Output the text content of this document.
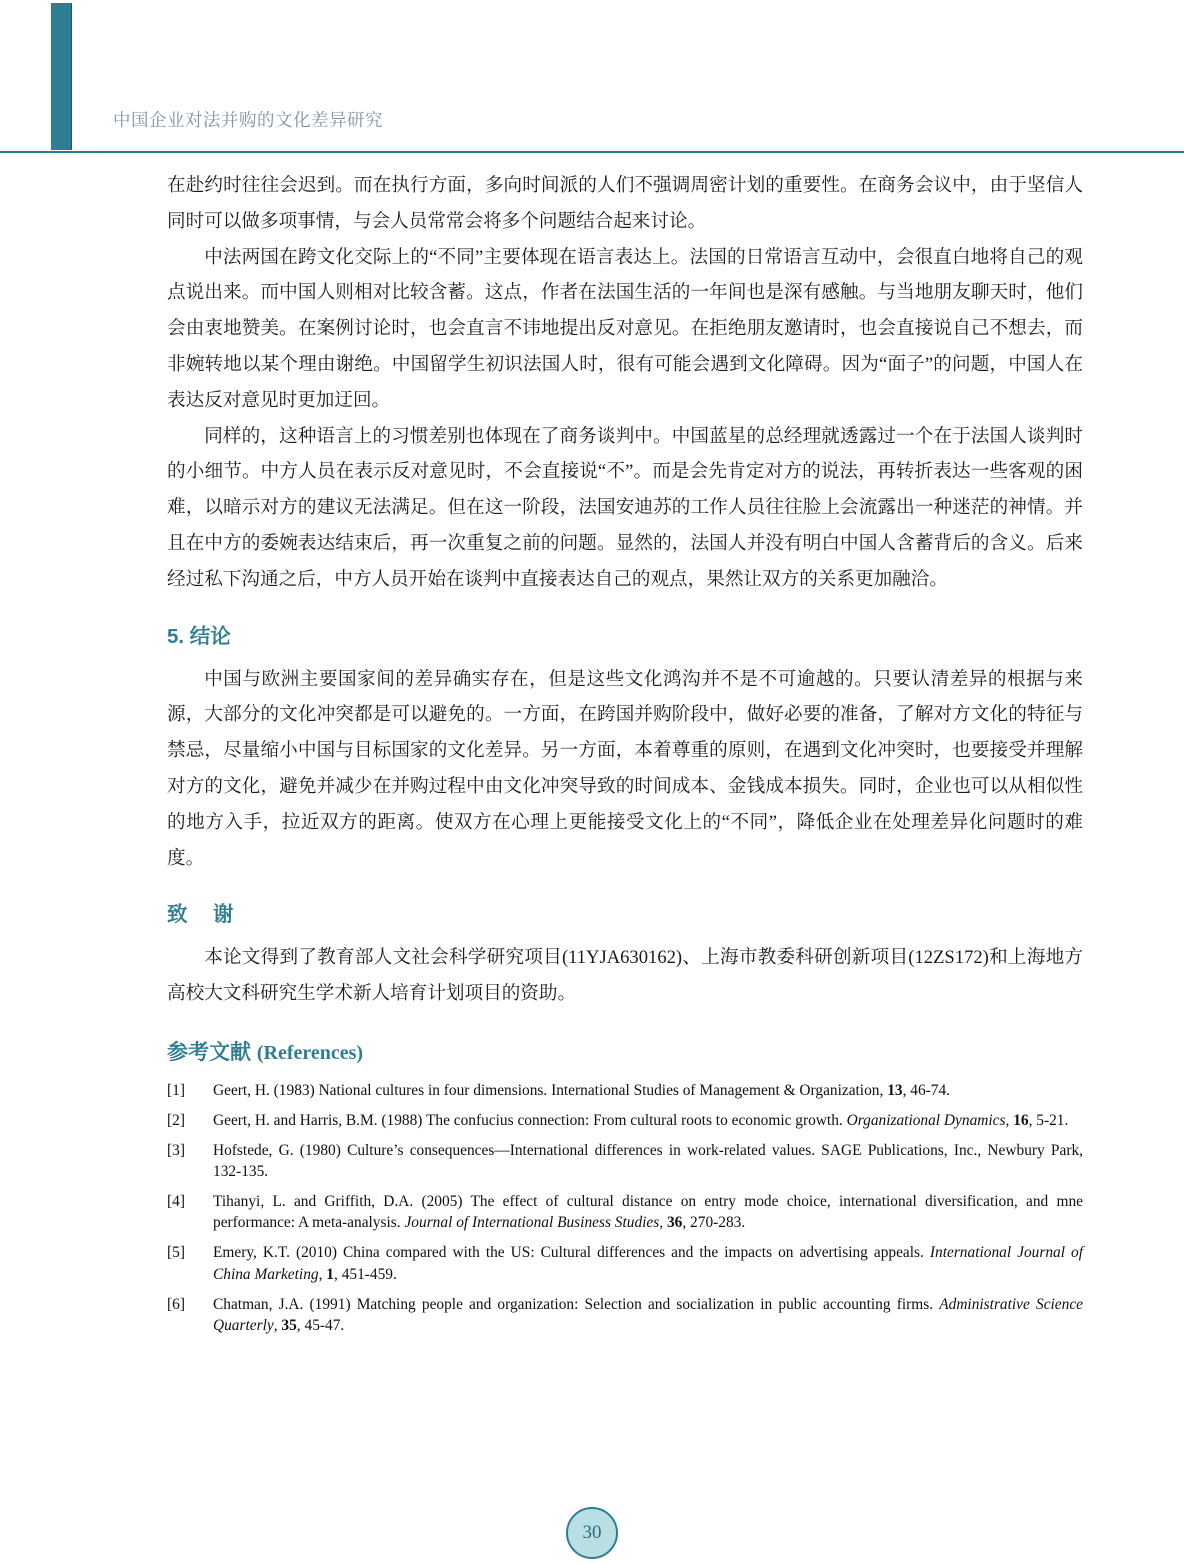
中国企业对法并购的文化差异研究

在赴约时往往会迟到。而在执行方面，多向时间派的人们不强调周密计划的重要性。在商务会议中，由于坚信人同时可以做多项事情，与会人员常常会将多个问题结合起来讨论。

中法两国在跨文化交际上的“不同”主要体现在语言表达上。法国的日常语言互动中，会很直白地将自己的观点说出来。而中国人则相对比较含蓄。这点，作者在法国生活的一年间也是深有感触。与当地朋友聊天时，他们会由衷地赞美。在案例讨论时，也会直言不讳地提出反对意见。在拒绝朋友邀请时，也会直接说自己不想去，而非婉转地以某个理由谢绝。中国留学生初识法国人时，很有可能会遇到文化障碍。因为“面子”的问题，中国人在表达反对意见时更加迂回。

同样的，这种语言上的习惯差别也体现在了商务谈判中。中国蓝星的总经理就透露过一个在于法国人谈判时的小细节。中方人员在表示反对意见时，不会直接说“不”。而是会先肯定对方的说法，再转折表达一些客观的困难，以暗示对方的建议无法满足。但在这一阶段，法国安迪苏的工作人员往往脸上会流露出一种迷茫的神情。并且在中方的委婉表达结束后，再一次重复之前的问题。显然的，法国人并没有明白中国人含蓄背后的含义。后来经过私下沟通之后，中方人员开始在谈判中直接表达自己的观点，果然让双方的关系更加融洽。

5. 结论

中国与欧洲主要国家间的差异确实存在，但是这些文化鸿沟并不是不可逾越的。只要认清差异的根据与来源，大部分的文化冲突都是可以避免的。一方面，在跨国并购阶段中，做好必要的准备，了解对方文化的特征与禁忌，尽量缩小中国与目标国家的文化差异。另一方面，本着尊重的原则，在遇到文化冲突时，也要接受并理解对方的文化，避免并减少在并购过程中由文化冲突导致的时间成本、金钱成本损失。同时，企业也可以从相似性的地方入手，拉近双方的距离。使双方在心理上更能接受文化上的“不同”，降低企业在处理差异化问题时的难度。

致　谢

本论文得到了教育部人文社会科学研究项目(11YJA630162)、上海市教委科研创新项目(12ZS172)和上海地方高校大文科研究生学术新人培育计划项目的资助。

参考文献 (References)
[1]	Geert, H. (1983) National cultures in four dimensions. International Studies of Management & Organization, 13, 46-74.
[2]	Geert, H. and Harris, B.M. (1988) The confucius connection: From cultural roots to economic growth. Organizational Dynamics, 16, 5-21.
[3]	Hofstede, G. (1980) Culture’s consequences—International differences in work-related values. SAGE Publications, Inc., Newbury Park, 132-135.
[4]	Tihanyi, L. and Griffith, D.A. (2005) The effect of cultural distance on entry mode choice, international diversification, and mne performance: A meta-analysis. Journal of International Business Studies, 36, 270-283.
[5]	Emery, K.T. (2010) China compared with the US: Cultural differences and the impacts on advertising appeals. International Journal of China Marketing, 1, 451-459.
[6]	Chatman, J.A. (1991) Matching people and organization: Selection and socialization in public accounting firms. Administrative Science Quarterly, 35, 45-47.
30
